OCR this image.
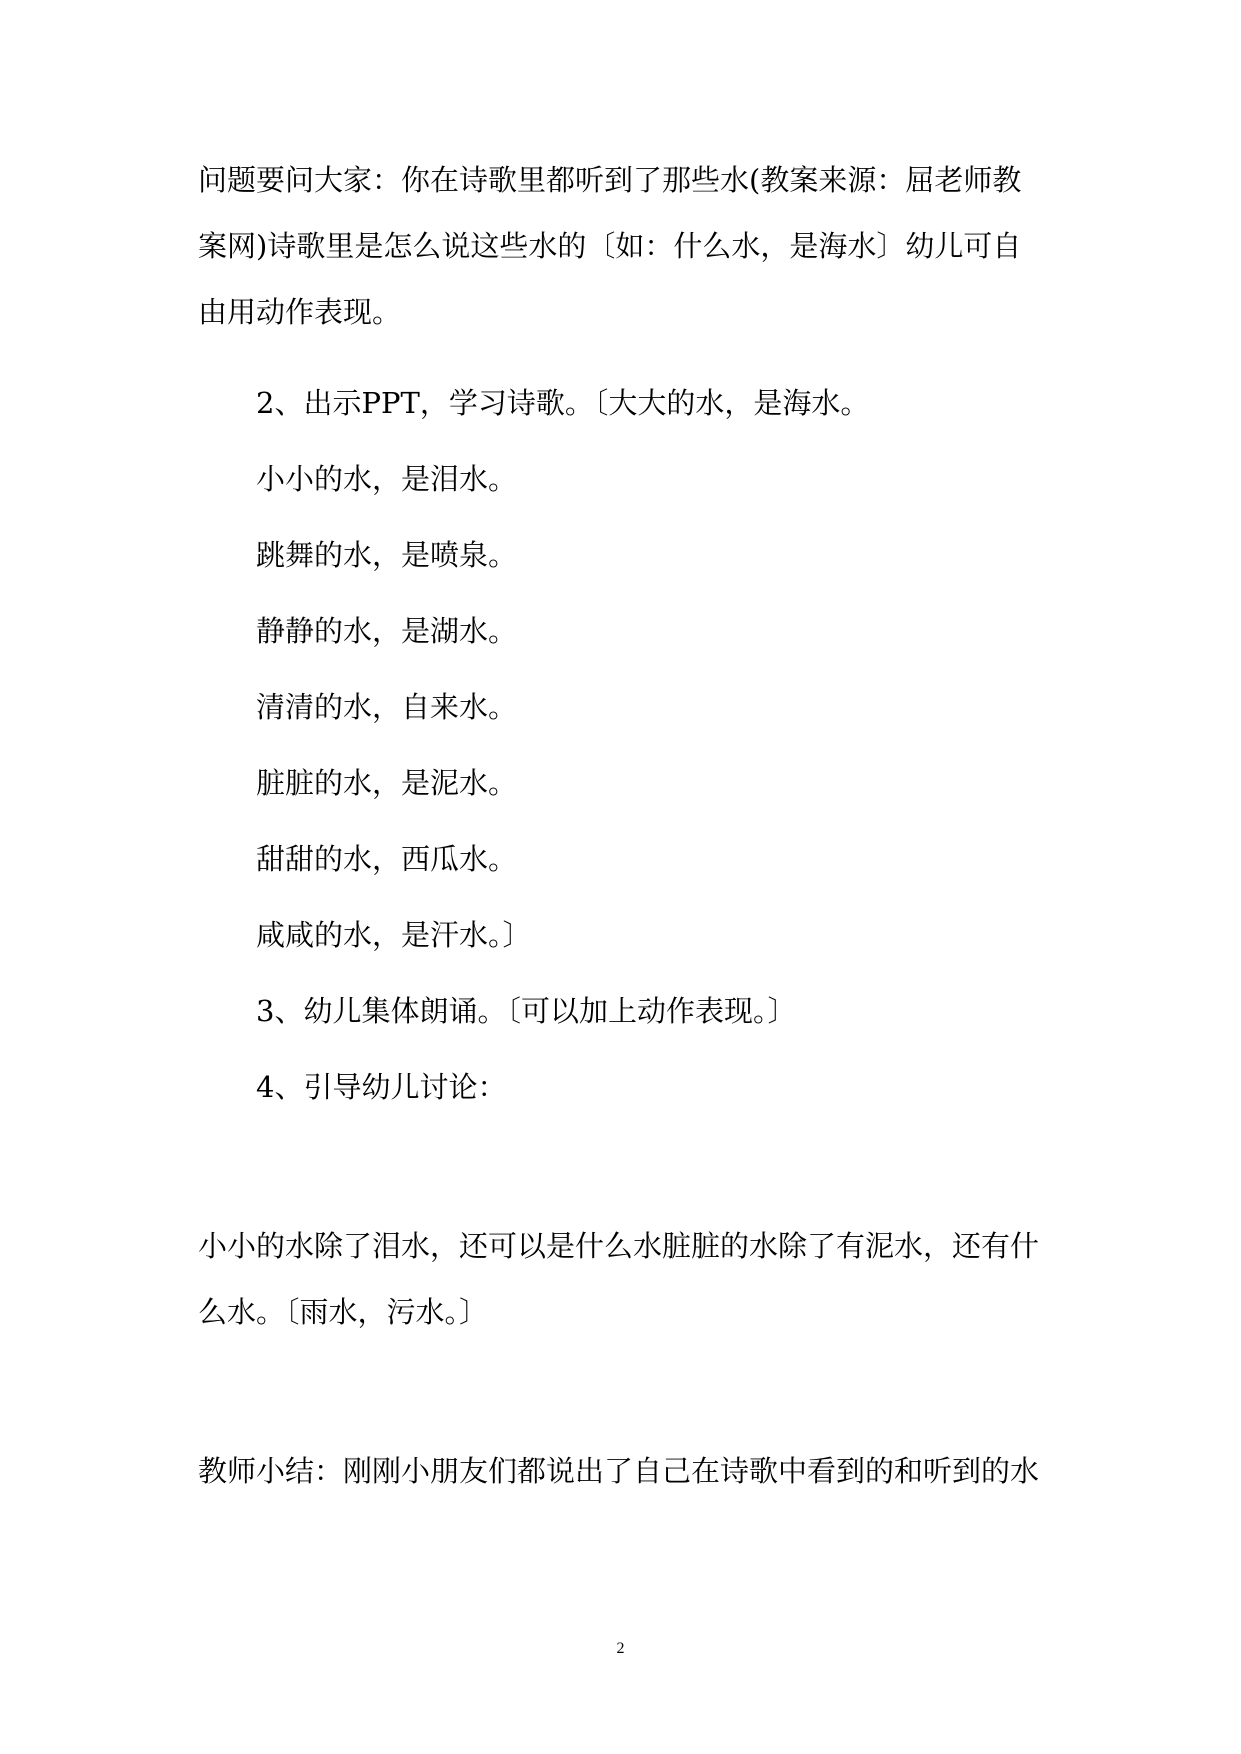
问题要问大家：你在诗歌里都听到了那些水(教案来源：屈老师教

案网)诗歌里是怎么说这些水的〔如：什么水，是海水〕幼儿可自

由用动作表现。

2、出示PPT，学习诗歌。〔大大的水，是海水。

小小的水，是泪水。

跳舞的水，是喷泉。

静静的水，是湖水。

清清的水，自来水。

脏脏的水，是泥水。

甜甜的水，西瓜水。

咸咸的水，是汗水。〕

3、幼儿集体朗诵。〔可以加上动作表现。〕

4、引导幼儿讨论：

小小的水除了泪水，还可以是什么水脏脏的水除了有泥水，还有什

么水。〔雨水，污水。〕

教师小结：刚刚小朋友们都说出了自己在诗歌中看到的和听到的水

2
